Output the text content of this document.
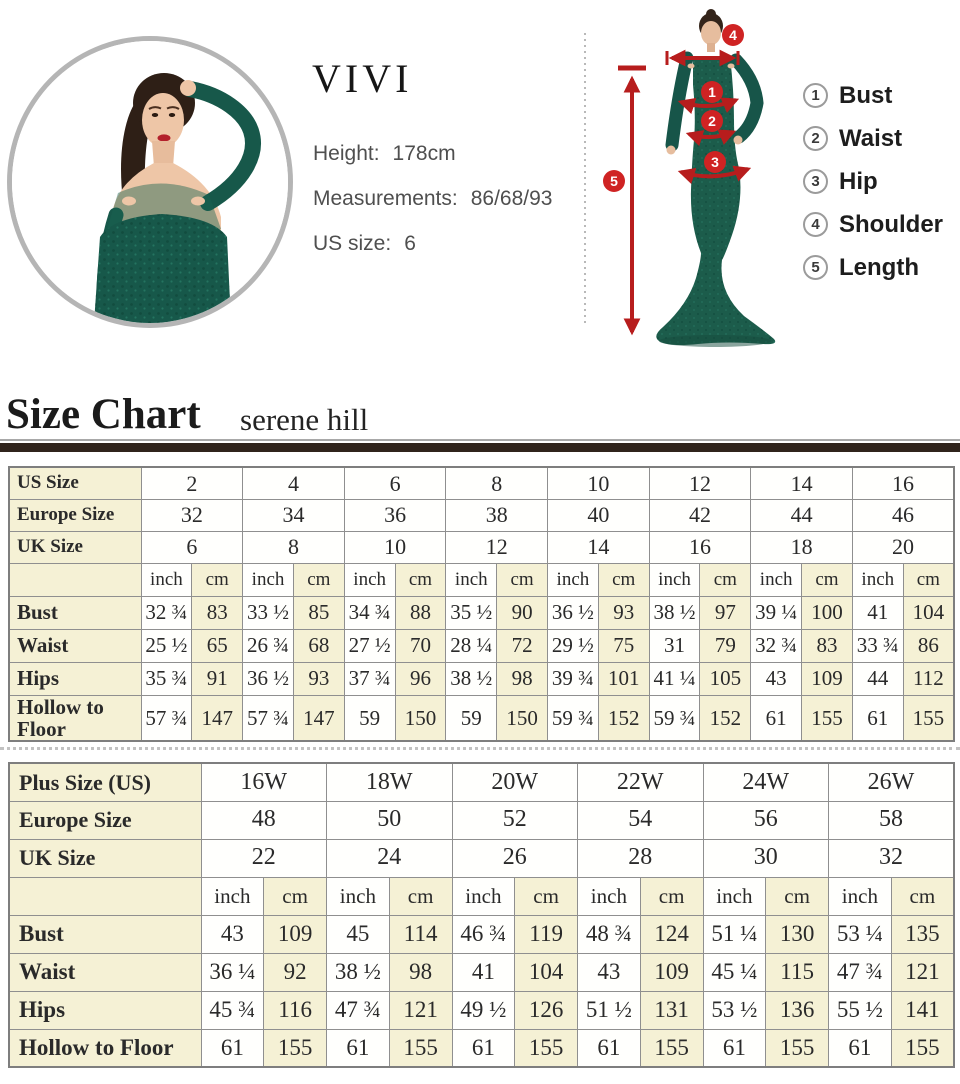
VIVI
Height: 178cm
Measurements: 86/68/93
US size: 6
1
2
3
4
5
1 Bust
2 Waist
3 Hip
4 Shoulder
5 Length
Size Chart serene hill
US Size	2		4		6		8		10		12		14		16	
Europe Size	32		34		36		38		40		42		44		46	
UK Size	6		8		10		12		14		16		18		20	
	inch	cm	inch	cm	inch	cm	inch	cm	inch	cm	inch	cm	inch	cm	inch	cm
Bust	32 ¾	83	33 ½	85	34 ¾	88	35 ½	90	36 ½	93	38 ½	97	39 ¼	100	41	104
Waist	25 ½	65	26 ¾	68	27 ½	70	28 ¼	72	29 ½	75	31	79	32 ¾	83	33 ¾	86
Hips	35 ¾	91	36 ½	93	37 ¾	96	38 ½	98	39 ¾	101	41 ¼	105	43	109	44	112
Hollow to Floor	57 ¾	147	57 ¾	147	59	150	59	150	59 ¾	152	59 ¾	152	61	155	61	155
Plus Size (US)	16W		18W		20W		22W		24W		26W	
Europe Size	48		50		52		54		56		58	
UK Size	22		24		26		28		30		32	
	inch	cm	inch	cm	inch	cm	inch	cm	inch	cm	inch	cm
Bust	43	109	45	114	46 ¾	119	48 ¾	124	51 ¼	130	53 ¼	135
Waist	36 ¼	92	38 ½	98	41	104	43	109	45 ¼	115	47 ¾	121
Hips	45 ¾	116	47 ¾	121	49 ½	126	51 ½	131	53 ½	136	55 ½	141
Hollow to Floor	61	155	61	155	61	155	61	155	61	155	61	155
